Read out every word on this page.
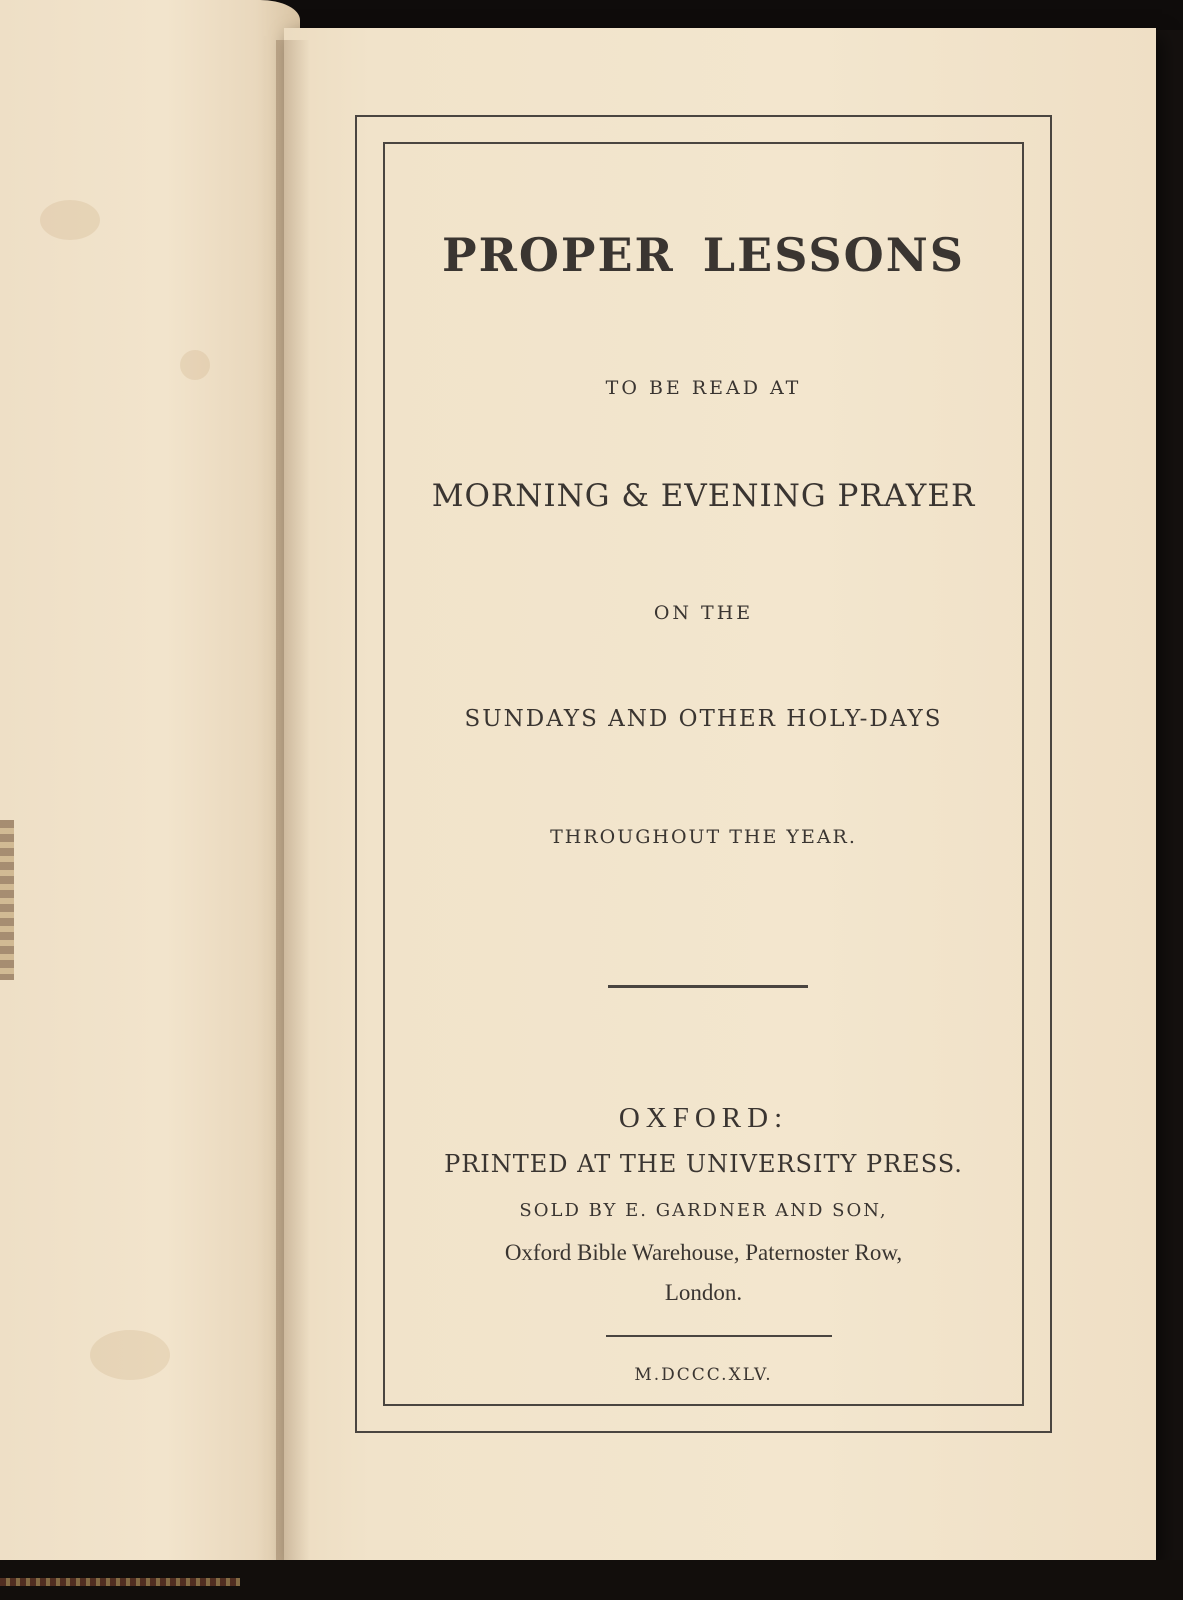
PROPER LESSONS
TO BE READ AT
MORNING & EVENING PRAYER
ON THE
SUNDAYS AND OTHER HOLY-DAYS
THROUGHOUT THE YEAR.
OXFORD:
PRINTED AT THE UNIVERSITY PRESS.
SOLD BY E. GARDNER AND SON,
Oxford Bible Warehouse, Paternoster Row,
London.
M.DCCC.XLV.
